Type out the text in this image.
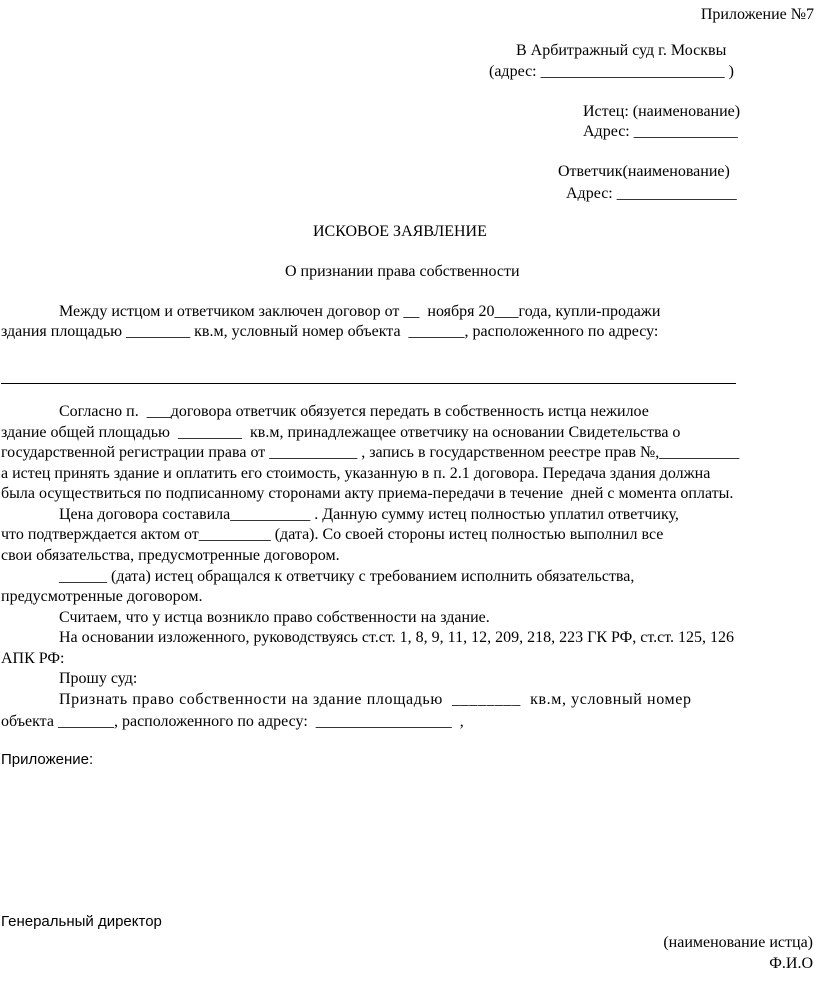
Приложение №7
В Арбитражный суд г. Москвы
(адрес: _______________________ )
Истец: (наименование)
Адрес: _____________
Ответчик(наименование)
Адрес: _______________
ИСКОВОЕ ЗАЯВЛЕНИЕ
О признании права собственности
Между истцом и ответчиком заключен договор от __  ноября 20___года, купли-продажи
здания площадью ________ кв.м, условный номер объекта  _______, расположенного по адресу:
Согласно п.  ___договора ответчик обязуется передать в собственность истца нежилое
здание общей площадью  ________  кв.м, принадлежащее ответчику на основании Свидетельства о
государственной регистрации права от ___________ , запись в государственном реестре прав №,__________
а истец принять здание и оплатить его стоимость, указанную в п. 2.1 договора. Передача здания должна
была осуществиться по подписанному сторонами акту приема-передачи в течение  дней с момента оплаты.
Цена договора составила__________ . Данную сумму истец полностью уплатил ответчику,
что подтверждается актом от_________ (дата). Со своей стороны истец полностью выполнил все
свои обязательства, предусмотренные договором.
______ (дата) истец обращался к ответчику с требованием исполнить обязательства,
предусмотренные договором.
Считаем, что у истца возникло право собственности на здание.
На основании изложенного, руководствуясь ст.ст. 1, 8, 9, 11, 12, 209, 218, 223 ГК РФ, ст.ст. 125, 126
АПК РФ:
Прошу суд:
Признать право собственности на здание площадью  ________  кв.м, условный номер
объекта _______, расположенного по адресу:  _________________  ,
Приложение:
Генеральный директор
(наименование истца)
Ф.И.О
